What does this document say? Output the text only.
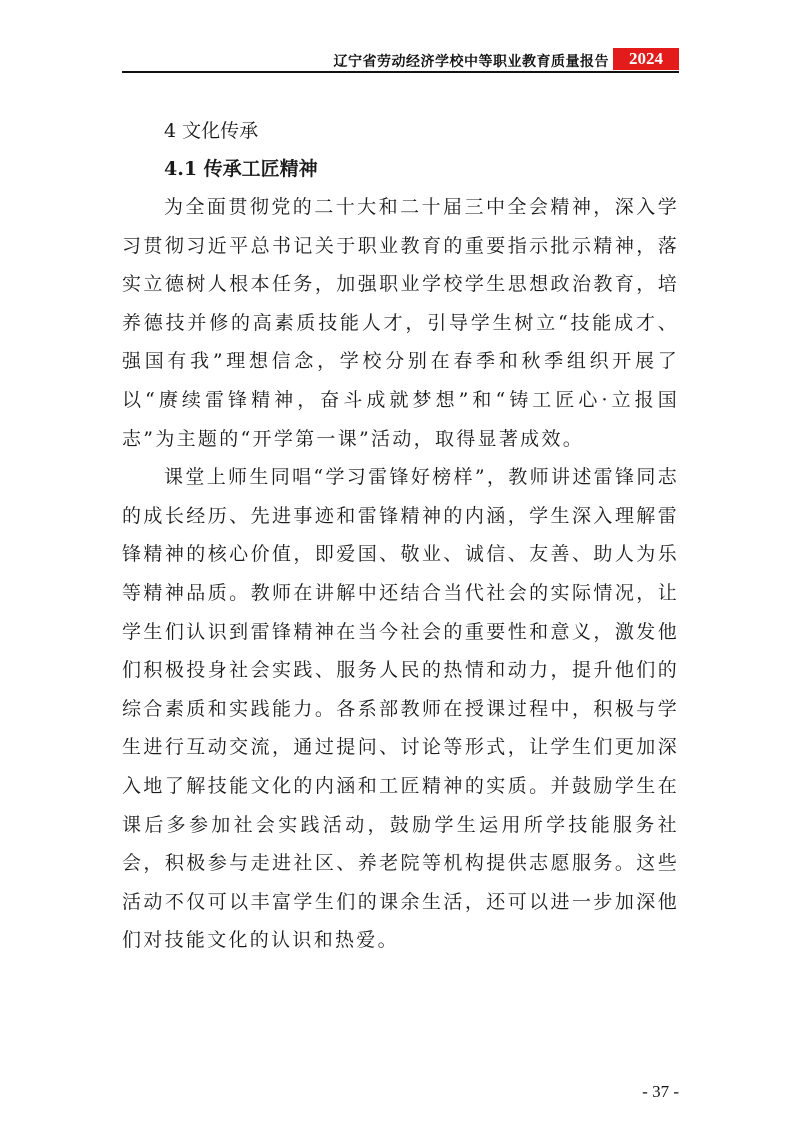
辽宁省劳动经济学校中等职业教育质量报告	2024
4 文化传承
4.1 传承工匠精神

为全面贯彻党的二十大和二十届三中全会精神，深入学习贯彻习近平总书记关于职业教育的重要指示批示精神，落实立德树人根本任务，加强职业学校学生思想政治教育，培养德技并修的高素质技能人才，引导学生树立“技能成才、强国有我”理想信念，学校分别在春季和秋季组织开展了以“赓续雷锋精神，奋斗成就梦想”和“铸工匠心·立报国志”为主题的“开学第一课”活动，取得显著成效。

课堂上师生同唱“学习雷锋好榜样”，教师讲述雷锋同志的成长经历、先进事迹和雷锋精神的内涵，学生深入理解雷锋精神的核心价值，即爱国、敬业、诚信、友善、助人为乐等精神品质。教师在讲解中还结合当代社会的实际情况，让学生们认识到雷锋精神在当今社会的重要性和意义，激发他们积极投身社会实践、服务人民的热情和动力，提升他们的综合素质和实践能力。各系部教师在授课过程中，积极与学生进行互动交流，通过提问、讨论等形式，让学生们更加深入地了解技能文化的内涵和工匠精神的实质。并鼓励学生在课后多参加社会实践活动，鼓励学生运用所学技能服务社会，积极参与走进社区、养老院等机构提供志愿服务。这些活动不仅可以丰富学生们的课余生活，还可以进一步加深他们对技能文化的认识和热爱。

- 37 -
